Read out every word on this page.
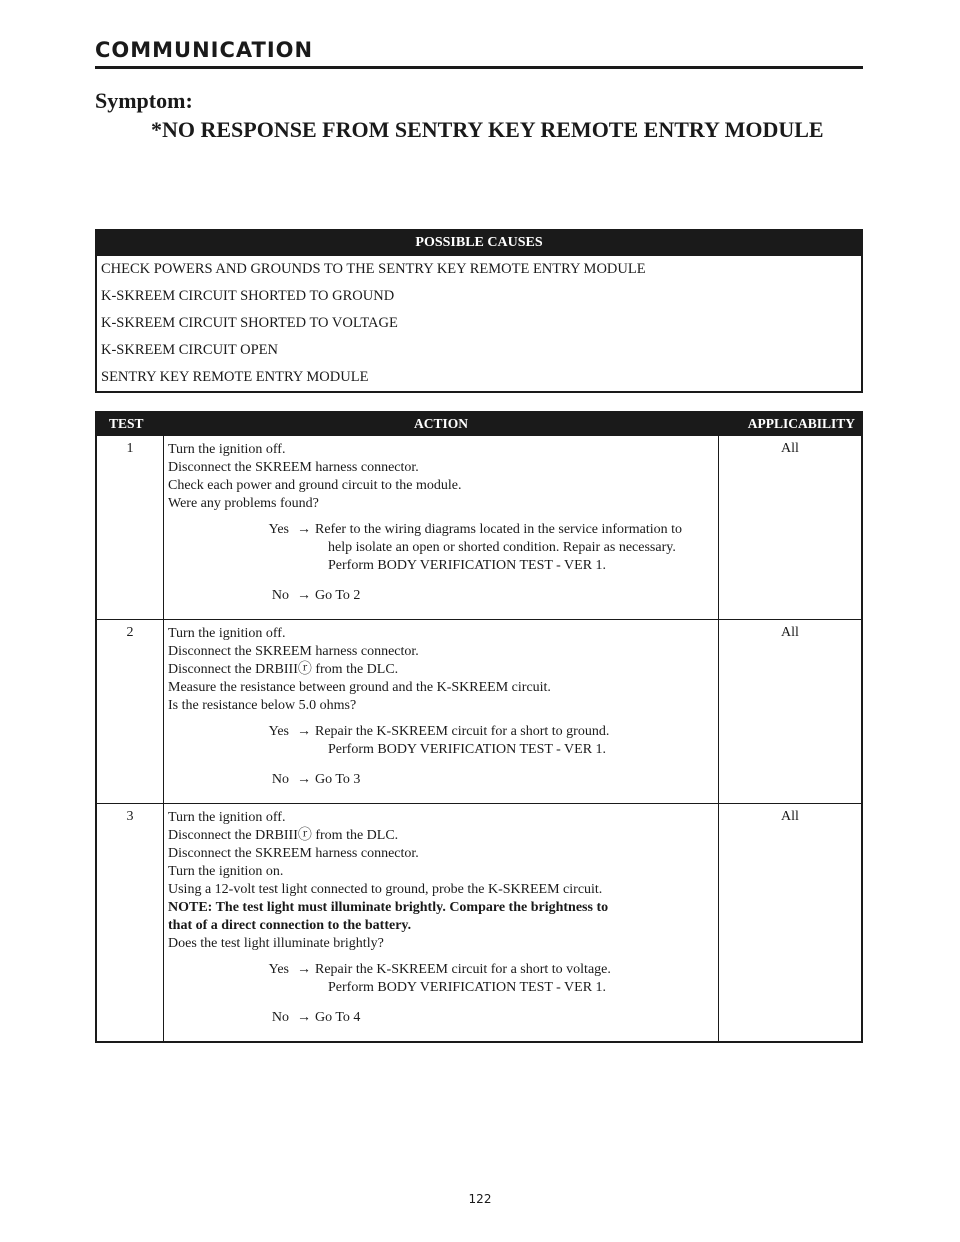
COMMUNICATION
Symptom:
*NO RESPONSE FROM SENTRY KEY REMOTE ENTRY MODULE
POSSIBLE CAUSES
CHECK POWERS AND GROUNDS TO THE SENTRY KEY REMOTE ENTRY MODULE
K-SKREEM CIRCUIT SHORTED TO GROUND
K-SKREEM CIRCUIT SHORTED TO VOLTAGE
K-SKREEM CIRCUIT OPEN
SENTRY KEY REMOTE ENTRY MODULE
TEST	ACTION	APPLICABILITY
1	Turn the ignition off.
Disconnect the SKREEM harness connector.
Check each power and ground circuit to the module.
Were any problems found?
Yes → Refer to the wiring diagrams located in the service information to
help isolate an open or shorted condition. Repair as necessary.
Perform BODY VERIFICATION TEST - VER 1.
No → Go To 2
All
2	Turn the ignition off.
Disconnect the SKREEM harness connector.
Disconnect the DRBIIIⓡ from the DLC.
Measure the resistance between ground and the K-SKREEM circuit.
Is the resistance below 5.0 ohms?
Yes → Repair the K-SKREEM circuit for a short to ground.
Perform BODY VERIFICATION TEST - VER 1.
No → Go To 3
All
3	Turn the ignition off.
Disconnect the DRBIIIⓡ from the DLC.
Disconnect the SKREEM harness connector.
Turn the ignition on.
Using a 12-volt test light connected to ground, probe the K-SKREEM circuit.
NOTE: The test light must illuminate brightly. Compare the brightness to
that of a direct connection to the battery.
Does the test light illuminate brightly?
Yes → Repair the K-SKREEM circuit for a short to voltage.
Perform BODY VERIFICATION TEST - VER 1.
No → Go To 4
All
122
